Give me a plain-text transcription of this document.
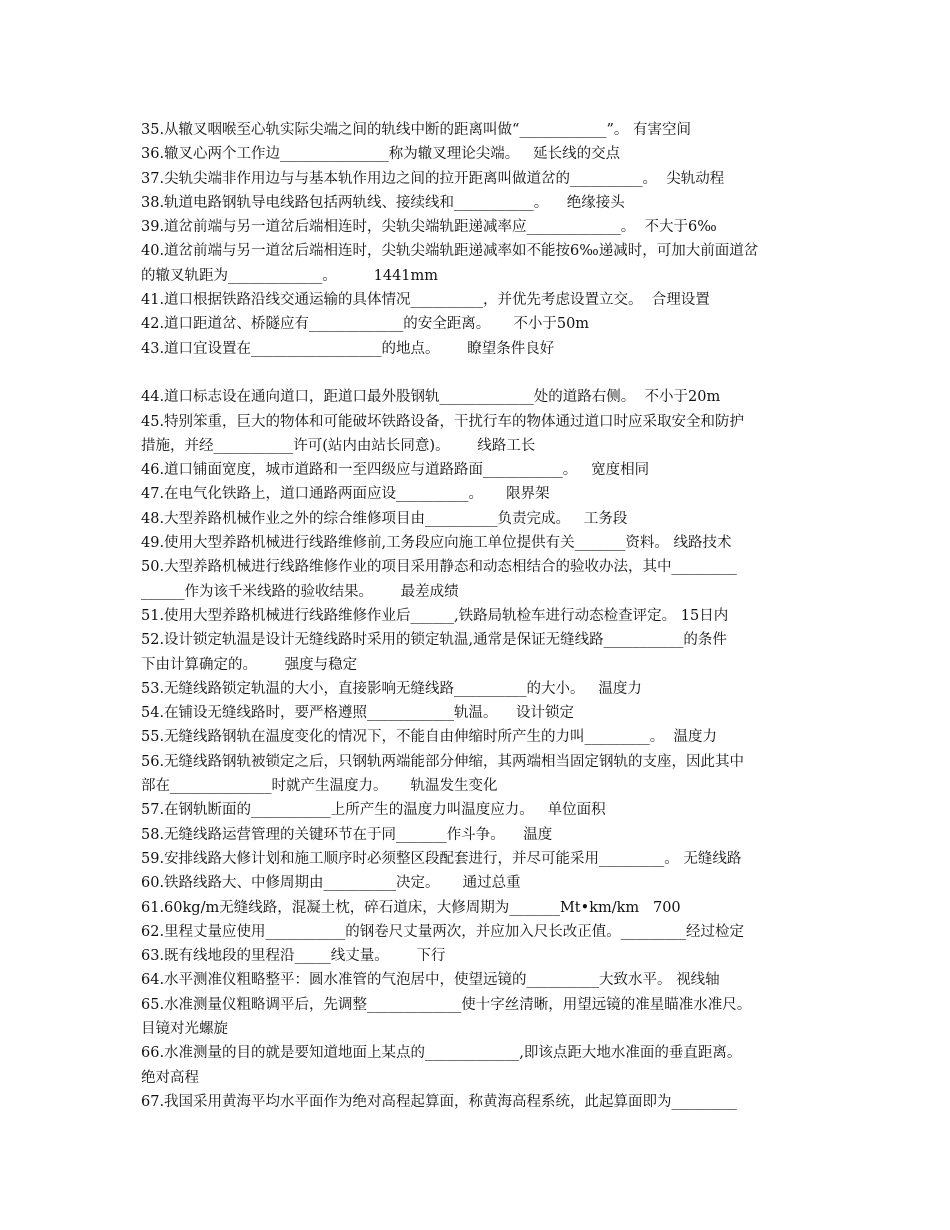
35.从辙叉咽喉至心轨实际尖端之间的轨线中断的距离叫做“____________”。 有害空间
36.辙叉心两个工作边_______________称为辙叉理论尖端。   延长线的交点
37.尖轨尖端非作用边与与基本轨作用边之间的拉开距离叫做道岔的__________。  尖轨动程
38.轨道电路钢轨导电线路包括两轨线、接续线和___________。    绝缘接头
39.道岔前端与另一道岔后端相连时，尖轨尖端轨距递减率应_____________。  不大于6‰
40.道岔前端与另一道岔后端相连时，尖轨尖端轨距递减率如不能按6‰递减时，可加大前面道岔
的辙叉轨距为_____________。        1441mm
41.道口根据铁路沿线交通运输的具体情况__________，并优先考虑设置立交。  合理设置
42.道口距道岔、桥隧应有_____________的安全距离。     不小于50m
43.道口宜设置在__________________的地点。      瞭望条件良好
44.道口标志设在通向道口，距道口最外股钢轨_____________处的道路右侧。  不小于20m
45.特别笨重，巨大的物体和可能破坏铁路设备，干扰行车的物体通过道口时应采取安全和防护
措施，并经___________许可(站内由站长同意)。      线路工长
46.道口铺面宽度，城市道路和一至四级应与道路路面___________。   宽度相同
47.在电气化铁路上，道口通路两面应设__________。     限界架
48.大型养路机械作业之外的综合维修项目由__________负责完成。   工务段
49.使用大型养路机械进行线路维修前,工务段应向施工单位提供有关_______资料。 线路技术
50.大型养路机械进行线路维修作业的项目采用静态和动态相结合的验收办法，其中_________
______作为该千米线路的验收结果。      最差成绩
51.使用大型养路机械进行线路维修作业后______,铁路局轨检车进行动态检查评定。 15日内
52.设计锁定轨温是设计无缝线路时采用的锁定轨温,通常是保证无缝线路___________的条件
下由计算确定的。      强度与稳定
53.无缝线路锁定轨温的大小，直接影响无缝线路__________的大小。   温度力
54.在铺设无缝线路时，要严格遵照____________轨温。    设计锁定
55.无缝线路钢轨在温度变化的情况下，不能自由伸缩时所产生的力叫_________。  温度力
56.无缝线路钢轨被锁定之后，只钢轨两端能部分伸缩，其两端相当固定钢轨的支座，因此其中
部在______________时就产生温度力。     轨温发生变化
57.在钢轨断面的___________上所产生的温度力叫温度应力。   单位面积
58.无缝线路运营管理的关键环节在于同_______作斗争。    温度
59.安排线路大修计划和施工顺序时必须整区段配套进行，并尽可能采用_________。 无缝线路
60.铁路线路大、中修周期由__________决定。     通过总重
61.60kg/m无缝线路，混凝土枕，碎石道床，大修周期为_______Mt•km/km   700
62.里程丈量应使用___________的钢卷尺丈量两次，并应加入尺长改正值。_________经过检定
63.既有线地段的里程沿_____线丈量。      下行
64.水平测准仪粗略整平：圆水准管的气泡居中，使望远镜的__________大致水平。 视线轴
65.水准测量仪粗略调平后，先调整_____________使十字丝清晰，用望远镜的准星瞄准水准尺。
目镜对光螺旋
66.水准测量的目的就是要知道地面上某点的_____________,即该点距大地水准面的垂直距离。
绝对高程
67.我国采用黄海平均水平面作为绝对高程起算面，称黄海高程系统，此起算面即为_________
